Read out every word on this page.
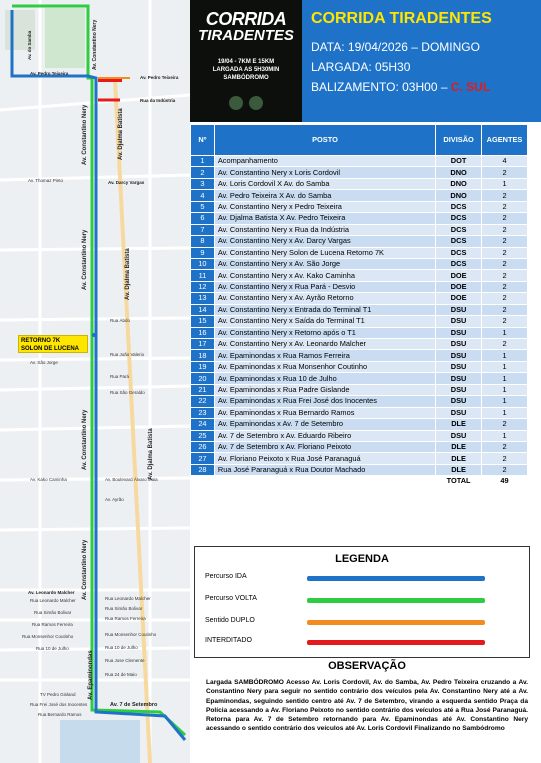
Av. Constantino Nery
Av. Constantino Nery
Av. Constantino Nery
Av. Constantino Nery
Av. Epaminondas
Av. Djalma Batista
Av. Djalma Batista
Av. Djalma Batista
Av. do Samba	Av. Constantino Nery
Av. Pedro Teixeira
Av. Pedro Teixeira
Rua da Indústria
Av. Darcy Vargas
Av. Leonardo Malcher
Av. 7 de Setembro
Av. Thomaz Pinto
Rua Ábdo
Rua João Valerio
Av. São Jorge
Rua Pará
Rua São Geraldo
Av. Kako Caminha	Av. Boulevard Álvaro Maia
Av. Ayrão
Rua Leonardo Malcher
Rua Simão Bolivar
Rua Ramos Ferreira
Rua Monsenhor Coutinho
Rua 10 de Julho
Rua Jose Clemente
Rua 24 de Maio
TV Pedro Gisland
Rua Frei José dos Inocentes
Rua Bernardo Ramos
Rua Leonardo Malcher
Rua Simão Bolivar
Rua Ramos Ferreira
Rua Monsenhor Coutinho
Rua 10 de Julho
RETORNO 7K
SOLON DE LUCENA
CORRIDA
TIRADENTES
19/04 - 7KM E 15KM
LARGADA AS 5H30MIN
SAMBÓDROMO
CORRIDA TIRADENTES
DATA: 19/04/2026 – DOMINGO
LARGADA: 05H30
BALIZAMENTO: 03H00 – C. SUL
Nº	POSTO	DIVISÃO	AGENTES
1	Acompanhamento	DOT	4
2	Av. Constantino Nery x Loris Cordovil	DNO	2
3	Av. Loris Cordovil X Av. do Samba	DNO	1
4	Av. Pedro Teixeira X Av. do Samba	DNO	2
5	Av. Constantino Nery x Pedro Teixeira	DCS	2
6	Av. Djalma Batista X Av. Pedro Teixeira	DCS	2
7	Av. Constantino Nery x Rua da Indústria	DCS	2
8	Av. Constantino Nery x Av. Darcy Vargas	DCS	2
9	Av. Constantino Nery Solon de Lucena Retorno 7K	DCS	2
10	Av. Constantino Nery x Av. São Jorge	DCS	2
11	Av. Constantino Nery x Av. Kako Caminha	DOE	2
12	Av. Constantino Nery x Rua Pará - Desvio	DOE	2
13	Av. Constantino Nery x Av. Ayrão Retorno	DOE	2
14	Av. Constantino Nery x Entrada do Terminal T1	DSU	2
15	Av. Constantino Nery x Saída do Terminal T1	DSU	2
16	Av. Constantino Nery x Retorno após o T1	DSU	1
17	Av. Constantino Nery x Av. Leonardo Malcher	DSU	2
18	Av. Epaminondas x Rua Ramos Ferreira	DSU	1
19	Av. Epaminondas x Rua Monsenhor Coutinho	DSU	1
20	Av. Epaminondas x Rua 10 de Julho	DSU	1
21	Av. Epaminondas x Rua Padre Gislande	DSU	1
22	Av. Epaminondas x Rua Frei José dos Inocentes	DSU	1
23	Av. Epaminondas x Rua Bernardo Ramos	DSU	1
24	Av. Epaminondas x Av. 7 de Setembro	DLE	2
25	Av. 7 de Setembro x Av. Eduardo Ribeiro	DSU	1
26	Av. 7 de Setembro x Av. Floriano Peixoto	DLE	2
27	Av. Floriano Peixoto x Rua José Paranaguá	DLE	2
28	Rua José Paranaguá x Rua Doutor Machado	DLE	2
		TOTAL	49
LEGENDA
Percurso IDA
Percurso VOLTA
Sentido DUPLO
INTERDITADO
OBSERVAÇÃO
Largada SAMBÓDROMO Acesso Av. Loris Cordovil, Av. do Samba, Av. Pedro Teixeira cruzando a Av. Constantino Nery para seguir no sentido contrário dos veículos pela Av. Constantino Nery até a Av. Epaminondas, seguindo sentido centro até Av. 7 de Setembro, virando a esquerda sentido Praça da Polícia acessando a Av. Floriano Peixoto no sentido contrário dos veículos até a Rua José Paranaguá. Retorna para Av. 7 de Setembro retornando para Av. Epaminondas até Av. Constantino Nery acessando o sentido contrário dos veículos até Av. Loris Cordovil Finalizando no Sambódromo
